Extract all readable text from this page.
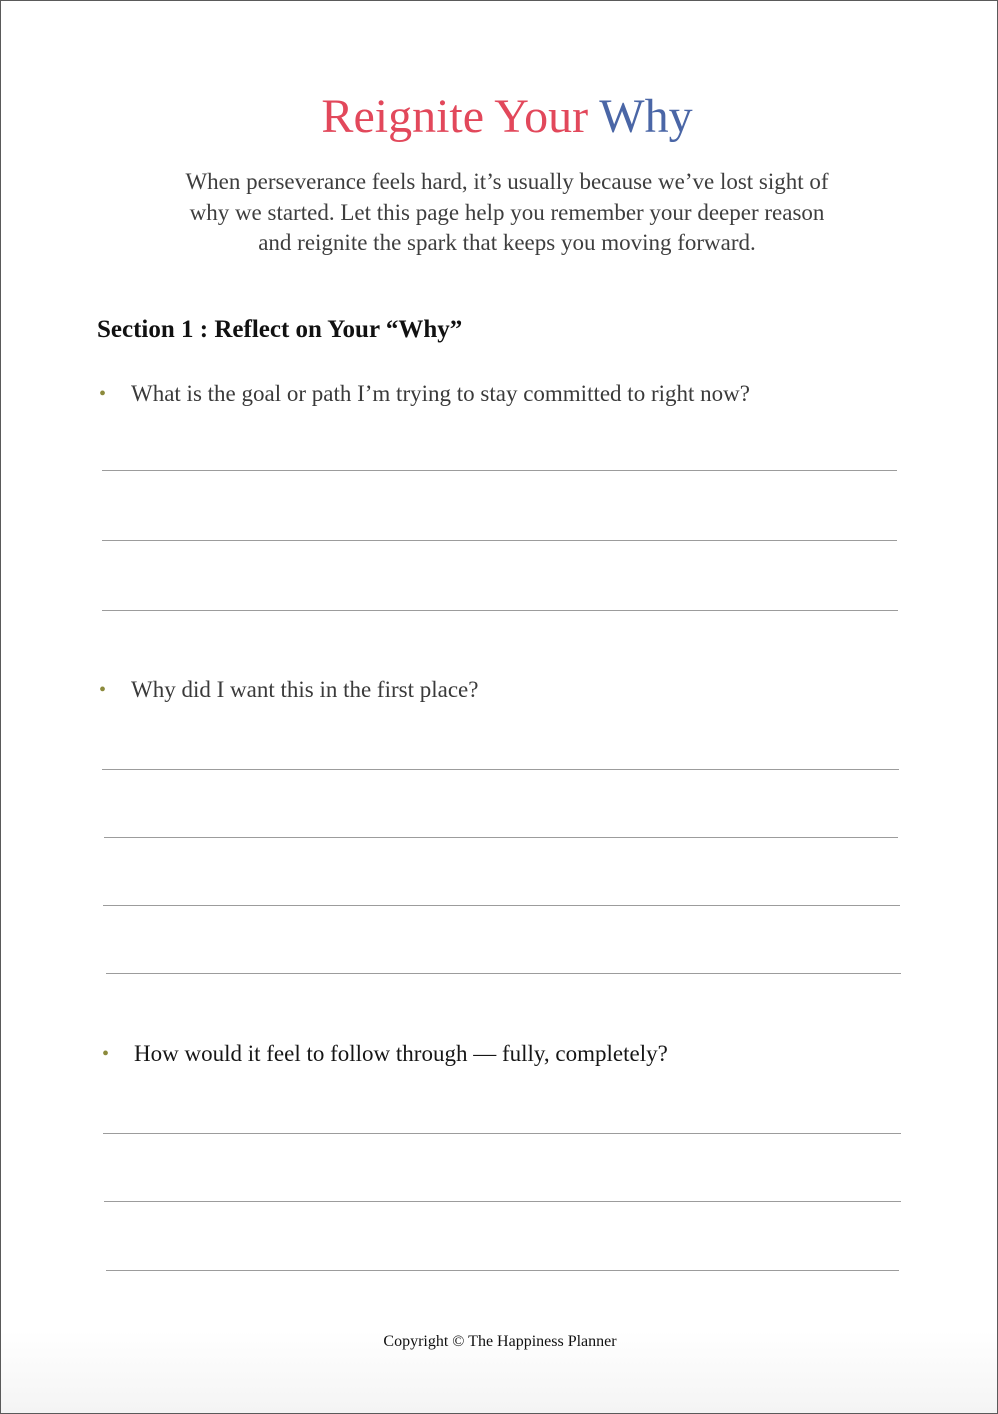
Reignite Your Why
When perseverance feels hard, it’s usually because we’ve lost sight of
why we started. Let this page help you remember your deeper reason
and reignite the spark that keeps you moving forward.
Section 1 : Reflect on Your “Why”
• What is the goal or path I’m trying to stay committed to right now?
• Why did I want this in the first place?
• How would it feel to follow through — fully, completely?
Copyright © The Happiness Planner
